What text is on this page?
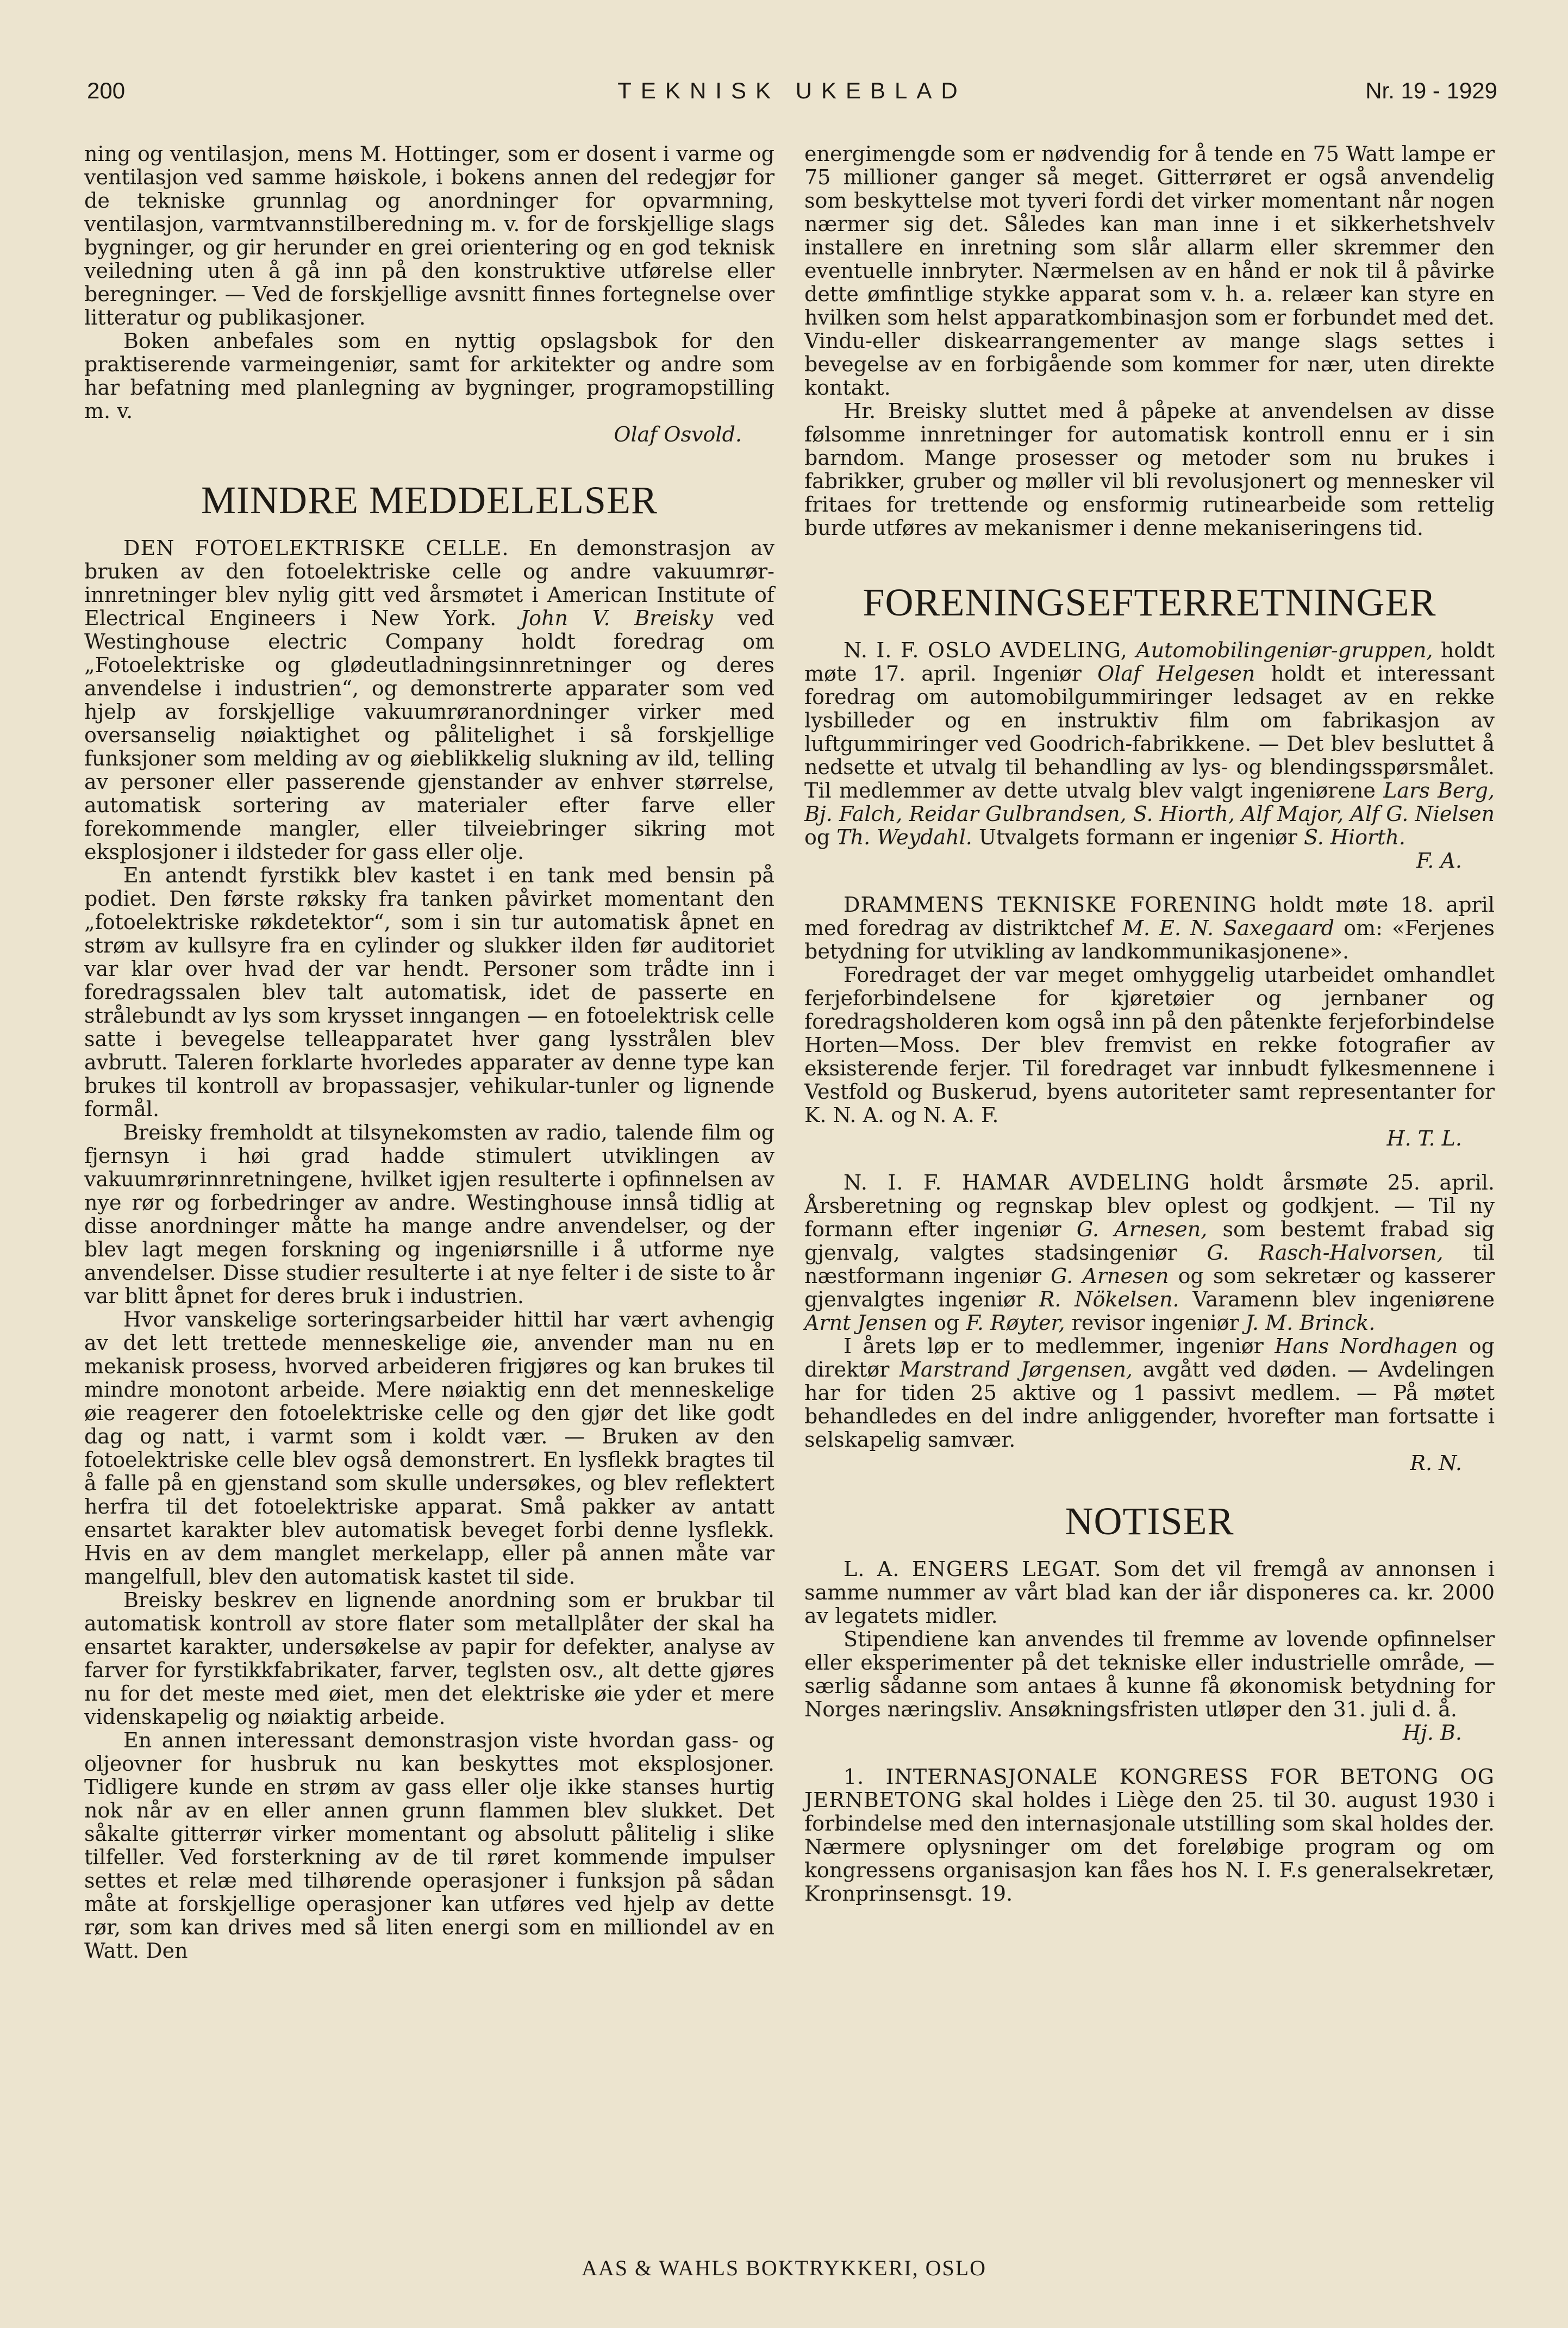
200	TEKNISK UKEBLAD	Nr. 19 - 1929

ning og ventilasjon, mens M. Hottinger, som er dosent i varme og ventilasjon ved samme høiskole, i bokens annen del redegjør for de tekniske grunnlag og anordninger for opvarmning, ventilasjon, varmtvannstilberedning m. v. for de forskjellige slags bygninger, og gir herunder en grei orientering og en god teknisk veiledning uten å gå inn på den konstruktive utførelse eller beregninger. — Ved de forskjellige avsnitt finnes fortegnelse over litteratur og publikasjoner.

Boken anbefales som en nyttig opslagsbok for den praktiserende varmeingeniør, samt for arkitekter og andre som har befatning med planlegning av bygninger, programopstilling m. v.

Olaf Osvold.

MINDRE MEDDELELSER

DEN FOTOELEKTRISKE CELLE. En demonstrasjon av bruken av den fotoelektriske celle og andre vakuumrør-innretninger blev nylig gitt ved årsmøtet i American Institute of Electrical Engineers i New York. John V. Breisky ved Westinghouse electric Company holdt foredrag om „Fotoelektriske og glødeutladningsinnretninger og deres anvendelse i industrien“, og demonstrerte apparater som ved hjelp av forskjellige vakuumrøranordninger virker med oversanselig nøiaktighet og pålitelighet i så forskjellige funksjoner som melding av og øieblikkelig slukning av ild, telling av personer eller passerende gjenstander av enhver størrelse, automatisk sortering av materialer efter farve eller forekommende mangler, eller tilveiebringer sikring mot eksplosjoner i ildsteder for gass eller olje.

En antendt fyrstikk blev kastet i en tank med bensin på podiet. Den første røksky fra tanken påvirket momentant den „fotoelektriske røkdetektor“, som i sin tur automatisk åpnet en strøm av kullsyre fra en cylinder og slukker ilden før auditoriet var klar over hvad der var hendt. Personer som trådte inn i foredragssalen blev talt automatisk, idet de passerte en strålebundt av lys som krysset inngangen — en fotoelektrisk celle satte i bevegelse telleapparatet hver gang lysstrålen blev avbrutt. Taleren forklarte hvorledes apparater av denne type kan brukes til kontroll av bropassasjer, vehikular-tunler og lignende formål.

Breisky fremholdt at tilsynekomsten av radio, talende film og fjernsyn i høi grad hadde stimulert utviklingen av vakuumrørinnretningene, hvilket igjen resulterte i opfinnelsen av nye rør og forbedringer av andre. Westinghouse innså tidlig at disse anordninger måtte ha mange andre anvendelser, og der blev lagt megen forskning og ingeniørsnille i å utforme nye anvendelser. Disse studier resulterte i at nye felter i de siste to år var blitt åpnet for deres bruk i industrien.

Hvor vanskelige sorteringsarbeider hittil har vært avhengig av det lett trettede menneskelige øie, anvender man nu en mekanisk prosess, hvorved arbeideren frigjøres og kan brukes til mindre monotont arbeide. Mere nøiaktig enn det menneskelige øie reagerer den fotoelektriske celle og den gjør det like godt dag og natt, i varmt som i koldt vær. — Bruken av den fotoelektriske celle blev også demonstrert. En lysflekk bragtes til å falle på en gjenstand som skulle undersøkes, og blev reflektert herfra til det fotoelektriske apparat. Små pakker av antatt ensartet karakter blev automatisk beveget forbi denne lysflekk. Hvis en av dem manglet merkelapp, eller på annen måte var mangelfull, blev den automatisk kastet til side.

Breisky beskrev en lignende anordning som er brukbar til automatisk kontroll av store flater som metallplåter der skal ha ensartet karakter, undersøkelse av papir for defekter, analyse av farver for fyrstikkfabrikater, farver, teglsten osv., alt dette gjøres nu for det meste med øiet, men det elektriske øie yder et mere videnskapelig og nøiaktig arbeide.

En annen interessant demonstrasjon viste hvordan gass- og oljeovner for husbruk nu kan beskyttes mot eksplosjoner. Tidligere kunde en strøm av gass eller olje ikke stanses hurtig nok når av en eller annen grunn flammen blev slukket. Det såkalte gitterrør virker momentant og absolutt pålitelig i slike tilfeller. Ved forsterkning av de til røret kommende impulser settes et relæ med tilhørende operasjoner i funksjon på sådan måte at forskjellige operasjoner kan utføres ved hjelp av dette rør, som kan drives med så liten energi som en milliondel av en Watt. Den

energimengde som er nødvendig for å tende en 75 Watt lampe er 75 millioner ganger så meget. Gitterrøret er også anvendelig som beskyttelse mot tyveri fordi det virker momentant når nogen nærmer sig det. Således kan man inne i et sikkerhetshvelv installere en inretning som slår allarm eller skremmer den eventuelle innbryter. Nærmelsen av en hånd er nok til å påvirke dette ømfintlige stykke apparat som v. h. a. relæer kan styre en hvilken som helst apparatkombinasjon som er forbundet med det. Vindu-eller diskearrangementer av mange slags settes i bevegelse av en forbigående som kommer for nær, uten direkte kontakt.

Hr. Breisky sluttet med å påpeke at anvendelsen av disse følsomme innretninger for automatisk kontroll ennu er i sin barndom. Mange prosesser og metoder som nu brukes i fabrikker, gruber og møller vil bli revolusjonert og mennesker vil fritaes for trettende og ensformig rutinearbeide som rettelig burde utføres av mekanismer i denne mekaniseringens tid.

FORENINGSEFTERRETNINGER

N. I. F. OSLO AVDELING, Automobilingeniør-gruppen, holdt møte 17. april. Ingeniør Olaf Helgesen holdt et interessant foredrag om automobilgummiringer ledsaget av en rekke lysbilleder og en instruktiv film om fabrikasjon av luftgummiringer ved Goodrich-fabrikkene. — Det blev besluttet å nedsette et utvalg til behandling av lys- og blendingsspørsmålet. Til medlemmer av dette utvalg blev valgt ingeniørene Lars Berg, Bj. Falch, Reidar Gulbrandsen, S. Hiorth, Alf Major, Alf G. Nielsen og Th. Weydahl. Utvalgets formann er ingeniør S. Hiorth.

F. A.

DRAMMENS TEKNISKE FORENING holdt møte 18. april med foredrag av distriktchef M. E. N. Saxegaard om: «Ferjenes betydning for utvikling av landkommunikasjonene».

Foredraget der var meget omhyggelig utarbeidet omhandlet ferjeforbindelsene for kjøretøier og jernbaner og foredragsholderen kom også inn på den påtenkte ferjeforbindelse Horten—Moss. Der blev fremvist en rekke fotografier av eksisterende ferjer. Til foredraget var innbudt fylkesmennene i Vestfold og Buskerud, byens autoriteter samt representanter for K. N. A. og N. A. F.

H. T. L.

N. I. F. HAMAR AVDELING holdt årsmøte 25. april. Årsberetning og regnskap blev oplest og godkjent. — Til ny formann efter ingeniør G. Arnesen, som bestemt frabad sig gjenvalg, valgtes stadsingeniør G. Rasch-Halvorsen, til næstformann ingeniør G. Arnesen og som sekretær og kasserer gjenvalgtes ingeniør R. Nökelsen. Varamenn blev ingeniørene Arnt Jensen og F. Røyter, revisor ingeniør J. M. Brinck.

I årets løp er to medlemmer, ingeniør Hans Nordhagen og direktør Marstrand Jørgensen, avgått ved døden. — Avdelingen har for tiden 25 aktive og 1 passivt medlem. — På møtet behandledes en del indre anliggender, hvorefter man fortsatte i selskapelig samvær.

R. N.

NOTISER

L. A. ENGERS LEGAT. Som det vil fremgå av annonsen i samme nummer av vårt blad kan der iår disponeres ca. kr. 2000 av legatets midler.

Stipendiene kan anvendes til fremme av lovende opfinnelser eller eksperimenter på det tekniske eller industrielle område, — særlig sådanne som antaes å kunne få økonomisk betydning for Norges næringsliv. Ansøkningsfristen utløper den 31. juli d. å.

Hj. B.

1. INTERNASJONALE KONGRESS FOR BETONG OG JERNBETONG skal holdes i Liège den 25. til 30. august 1930 i forbindelse med den internasjonale utstilling som skal holdes der. Nærmere oplysninger om det foreløbige program og om kongressens organisasjon kan fåes hos N. I. F.s generalsekretær, Kronprinsensgt. 19.

AAS & WAHLS BOKTRYKKERI, OSLO
